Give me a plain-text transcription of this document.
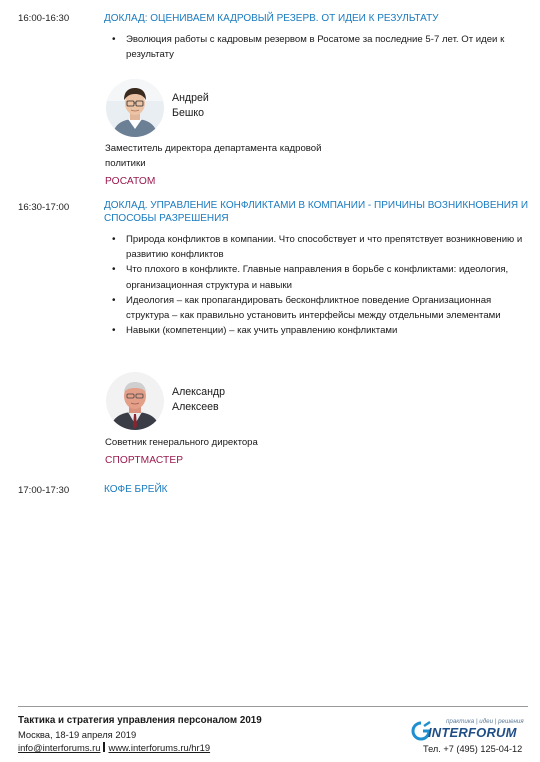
16:00-16:30	ДОКЛАД: ОЦЕНИВАЕМ КАДРОВЫЙ РЕЗЕРВ. ОТ ИДЕИ К РЕЗУЛЬТАТУ
• Эволюция работы с кадровым резервом в Росатоме за последние 5-7 лет. От идеи к результату
Андрей
Бешко
Заместитель директора департамента кадровой политики
РОСАТОМ
16:30-17:00	ДОКЛАД. УПРАВЛЕНИЕ КОНФЛИКТАМИ В КОМПАНИИ - ПРИЧИНЫ ВОЗНИКНОВЕНИЯ И СПОСОБЫ РАЗРЕШЕНИЯ
• Природа конфликтов в компании. Что способствует и что препятствует возникновению и развитию конфликтов
• Что плохого в конфликте. Главные направления в борьбе с конфликтами: идеология, организационная структура и навыки
• Идеология – как пропагандировать бесконфликтное поведение Организационная структура – как правильно установить интерфейсы между отдельными элементами
• Навыки (компетенции) – как учить управлению конфликтами
Александр
Алексеев
Советник генерального директора
СПОРТМАСТЕР
17:00-17:30	КОФЕ БРЕЙК
Тактика и стратегия управления персоналом 2019
Москва, 18-19 апреля 2019
info@interforums.ru www.interforums.ru/hr19
практика | идеи | решения
INTERFORUM
Тел. +7 (495) 125-04-12
